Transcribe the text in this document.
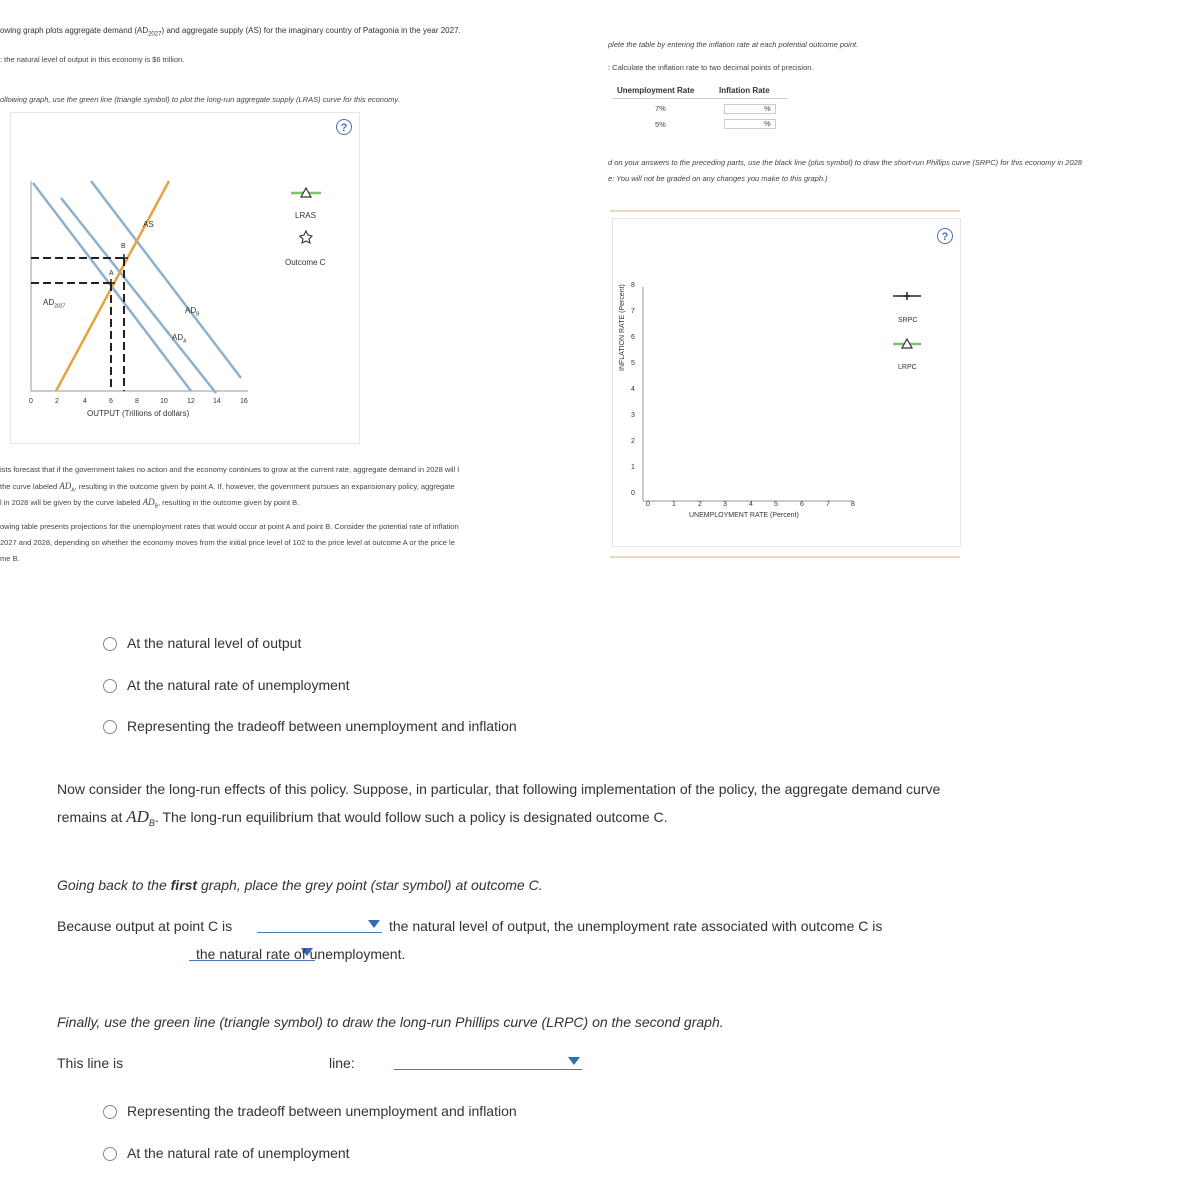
owing graph plots aggregate demand $(AD_{2027})$ and aggregate supply (AS) for the imaginary country of Patagonia in the year 2027.
: the natural level of output in this economy is $6 trillion.
ollowing graph, use the green line (triangle symbol) to plot the long-run aggregate supply (LRAS) curve for this economy.
?
AS
B
A
$AD_{2027}$	$AD_B$
$AD_A$
LRAS
Outcome C
0	2	4	6	8	10	12	14	16
OUTPUT (Trillions of dollars)
ists forecast that if the government takes no action and the economy continues to grow at the current rate, aggregate demand in 2028 will l
the curve labeled $AD_A$, resulting in the outcome given by point A. If, however, the government pursues an expansionary policy, aggregate
l in 2028 will be given by the curve labeled $AD_B$, resulting in the outcome given by point B.
owing table presents projections for the unemployment rates that would occur at point A and point B. Consider the potential rate of inflation
2027 and 2028, depending on whether the economy moves from the initial price level of 102 to the price level at outcome A or the price le
me B.
plete the table by entering the inflation rate at each potential outcome point.
: Calculate the inflation rate to two decimal points of precision.
Unemployment Rate	Inflation Rate
7%	%
5%	%
d on your answers to the preceding parts, use the black line (plus symbol) to draw the short-run Phillips curve (SRPC) for this economy in 2028
e: You will not be graded on any changes you make to this graph.)
?
INFLATION RATE (Percent) 8
7
6
5
4
3
2
1
0
0	1	2	3	4	5	6	7	8
UNEMPLOYMENT RATE (Percent)
SRPC
LRPC
At the natural level of output
At the natural rate of unemployment
Representing the tradeoff between unemployment and inflation
Now consider the long-run effects of this policy. Suppose, in particular, that following implementation of the policy, the aggregate demand curve
remains at $AD_B$. The long-run equilibrium that would follow such a policy is designated outcome C.
Going back to the first graph, place the grey point (star symbol) at outcome C.
Because output at point C is
	the natural level of output, the unemployment rate associated with outcome C is

the natural rate of unemployment.
Finally, use the green line (triangle symbol) to draw the long-run Phillips curve (LRPC) on the second graph.
This line is	line:
Representing the tradeoff between unemployment and inflation
At the natural rate of unemployment
